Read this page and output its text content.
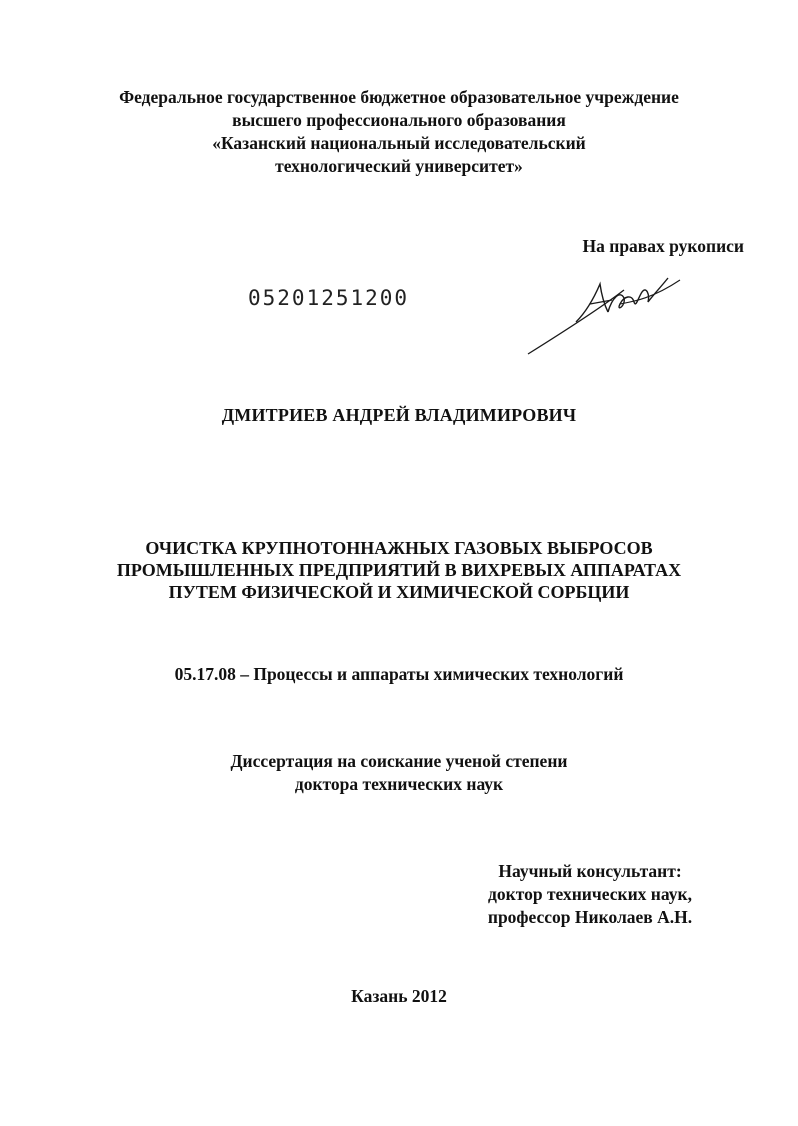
Федеральное государственное бюджетное образовательное учреждение
высшего профессионального образования
«Казанский национальный исследовательский
технологический университет»
На правах рукописи
05201251200
ДМИТРИЕВ АНДРЕЙ ВЛАДИМИРОВИЧ
ОЧИСТКА КРУПНОТОННАЖНЫХ ГАЗОВЫХ ВЫБРОСОВ
ПРОМЫШЛЕННЫХ ПРЕДПРИЯТИЙ В ВИХРЕВЫХ АППАРАТАХ
ПУТЕМ ФИЗИЧЕСКОЙ И ХИМИЧЕСКОЙ СОРБЦИИ
05.17.08 – Процессы и аппараты химических технологий
Диссертация на соискание ученой степени
доктора технических наук
Научный консультант:
доктор технических наук,
профессор Николаев А.Н.
Казань 2012
